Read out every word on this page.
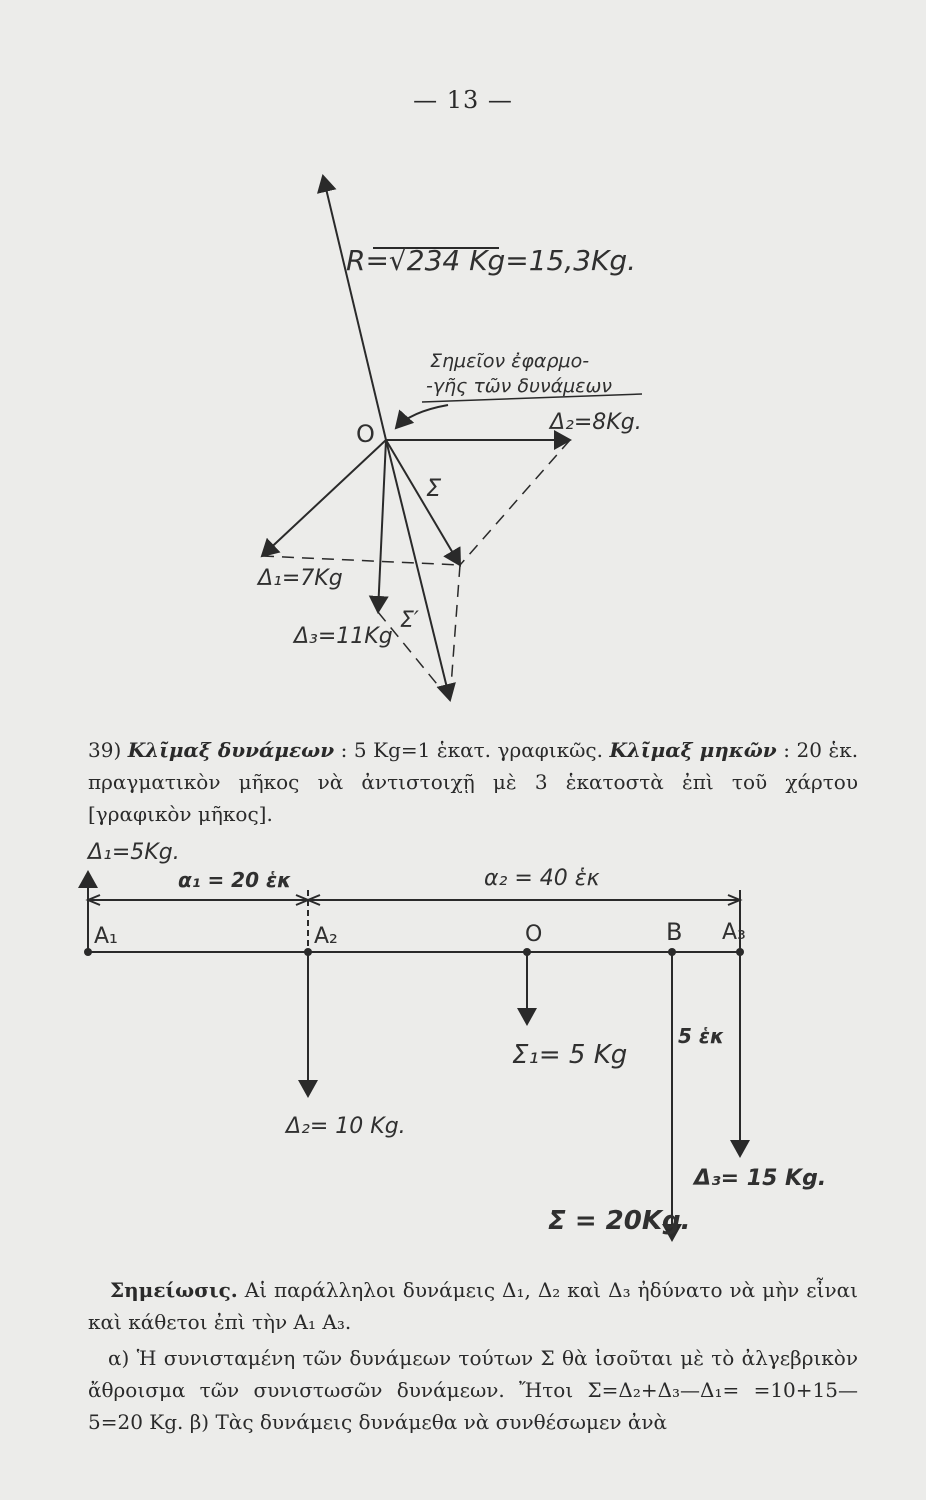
— 13 —
R=√234 Kg=15,3Kg.
Σημεῖον ἐφαρμο-
-γῆς τῶν δυνάμεων
O	Δ₂=8Kg.
Σ
Δ₁=7Kg
Δ₃=11Kg
Σ′
39) Κλῖμαξ δυνάμεων : 5 Kg=1 ἑκατ. γραφικῶς. Κλῖμαξ μηκῶν : 20 ἑκ. πραγματικὸν μῆκος νὰ ἀντιστοιχῇ μὲ 3 ἑκατοστὰ ἐπὶ τοῦ χάρτου [γραφικὸν μῆκος].
Δ₁=5Kg.
α₁ = 20 ἑκ	α₂ = 40 ἑκ
A₁	A₂	O	B A₃
Σ₁= 5 Kg
5 ἑκ
Δ₂= 10 Kg.
Δ₃= 15 Kg.
Σ = 20Kg.
Σημείωσις. Αἱ παράλληλοι δυνάμεις Δ₁, Δ₂ καὶ Δ₃ ἠδύνατο νὰ μὴν εἶναι καὶ κάθετοι ἐπὶ τὴν A₁ A₃.
α) Ἡ συνισταμένη τῶν δυνάμεων τούτων Σ θὰ ἰσοῦται μὲ τὸ ἀλγεβρικὸν ἄθροισμα τῶν συνιστωσῶν δυνάμεων. Ἤτοι Σ=Δ₂+Δ₃—Δ₁= =10+15—5=20 Kg. β) Τὰς δυνάμεις δυνάμεθα νὰ συνθέσωμεν ἀνὰ
